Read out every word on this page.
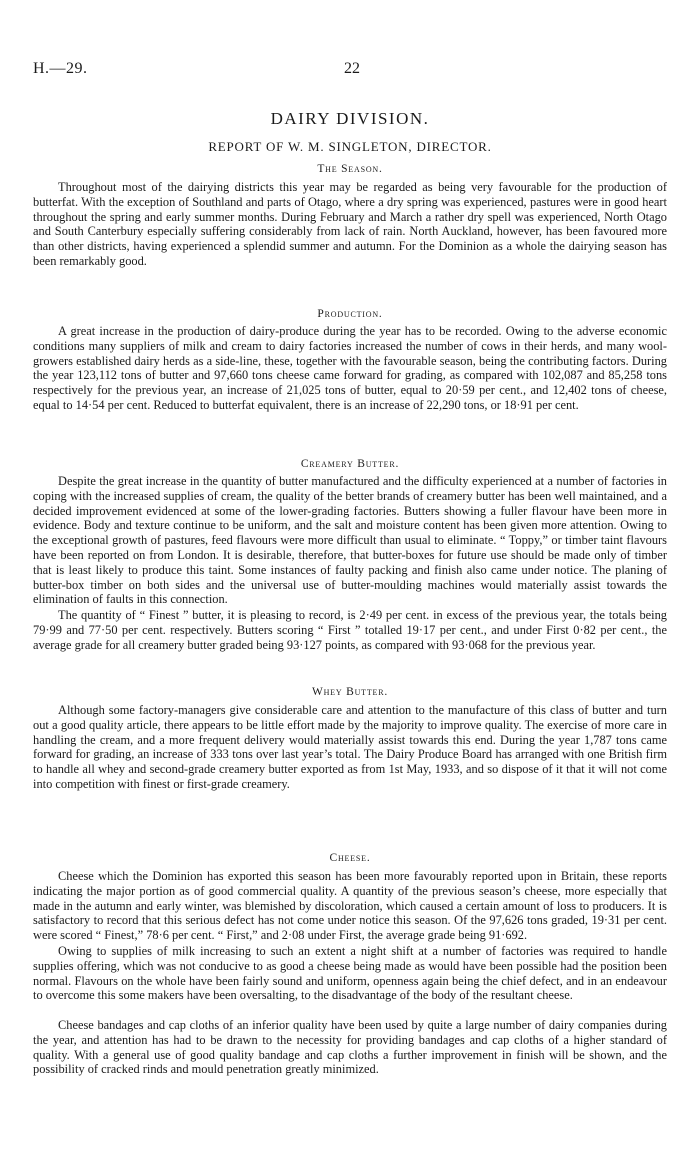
H.—29.	22
DAIRY DIVISION.
REPORT OF W. M. SINGLETON, DIRECTOR.
The Season.

Throughout most of the dairying districts this year may be regarded as being very favourable for the production of butterfat. With the exception of Southland and parts of Otago, where a dry spring was experienced, pastures were in good heart throughout the spring and early summer months. During February and March a rather dry spell was experienced, North Otago and South Canterbury especially suffering considerably from lack of rain. North Auckland, however, has been favoured more than other districts, having experienced a splendid summer and autumn. For the Dominion as a whole the dairying season has been remarkably good.

Production.

A great increase in the production of dairy-produce during the year has to be recorded. Owing to the adverse economic conditions many suppliers of milk and cream to dairy factories increased the number of cows in their herds, and many wool-growers established dairy herds as a side-line, these, together with the favourable season, being the contributing factors. During the year 123,112 tons of butter and 97,660 tons cheese came forward for grading, as compared with 102,087 and 85,258 tons respectively for the previous year, an increase of 21,025 tons of butter, equal to 20·59 per cent., and 12,402 tons of cheese, equal to 14·54 per cent. Reduced to butterfat equivalent, there is an increase of 22,290 tons, or 18·91 per cent.

Creamery Butter.

Despite the great increase in the quantity of butter manufactured and the difficulty experienced at a number of factories in coping with the increased supplies of cream, the quality of the better brands of creamery butter has been well maintained, and a decided improvement evidenced at some of the lower-grading factories. Butters showing a fuller flavour have been more in evidence. Body and texture continue to be uniform, and the salt and moisture content has been given more attention. Owing to the exceptional growth of pastures, feed flavours were more difficult than usual to eliminate. “ Toppy,” or timber taint flavours have been reported on from London. It is desirable, therefore, that butter-boxes for future use should be made only of timber that is least likely to produce this taint. Some instances of faulty packing and finish also came under notice. The planing of butter-box timber on both sides and the universal use of butter-moulding machines would materially assist towards the elimination of faults in this connection.

The quantity of “ Finest ” butter, it is pleasing to record, is 2·49 per cent. in excess of the previous year, the totals being 79·99 and 77·50 per cent. respectively. Butters scoring “ First ” totalled 19·17 per cent., and under First 0·82 per cent., the average grade for all creamery butter graded being 93·127 points, as compared with 93·068 for the previous year.

Whey Butter.

Although some factory-managers give considerable care and attention to the manufacture of this class of butter and turn out a good quality article, there appears to be little effort made by the majority to improve quality. The exercise of more care in handling the cream, and a more frequent delivery would materially assist towards this end. During the year 1,787 tons came forward for grading, an increase of 333 tons over last year’s total. The Dairy Produce Board has arranged with one British firm to handle all whey and second-grade creamery butter exported as from 1st May, 1933, and so dispose of it that it will not come into competition with finest or first-grade creamery.

Cheese.

Cheese which the Dominion has exported this season has been more favourably reported upon in Britain, these reports indicating the major portion as of good commercial quality. A quantity of the previous season’s cheese, more especially that made in the autumn and early winter, was blemished by discoloration, which caused a certain amount of loss to producers. It is satisfactory to record that this serious defect has not come under notice this season. Of the 97,626 tons graded, 19·31 per cent. were scored “ Finest,” 78·6 per cent. “ First,” and 2·08 under First, the average grade being 91·692.

Owing to supplies of milk increasing to such an extent a night shift at a number of factories was required to handle supplies offering, which was not conducive to as good a cheese being made as would have been possible had the position been normal. Flavours on the whole have been fairly sound and uniform, openness again being the chief defect, and in an endeavour to overcome this some makers have been oversalting, to the disadvantage of the body of the resultant cheese.

Cheese bandages and cap cloths of an inferior quality have been used by quite a large number of dairy companies during the year, and attention has had to be drawn to the necessity for providing bandages and cap cloths of a higher standard of quality. With a general use of good quality bandage and cap cloths a further improvement in finish will be shown, and the possibility of cracked rinds and mould penetration greatly minimized.
